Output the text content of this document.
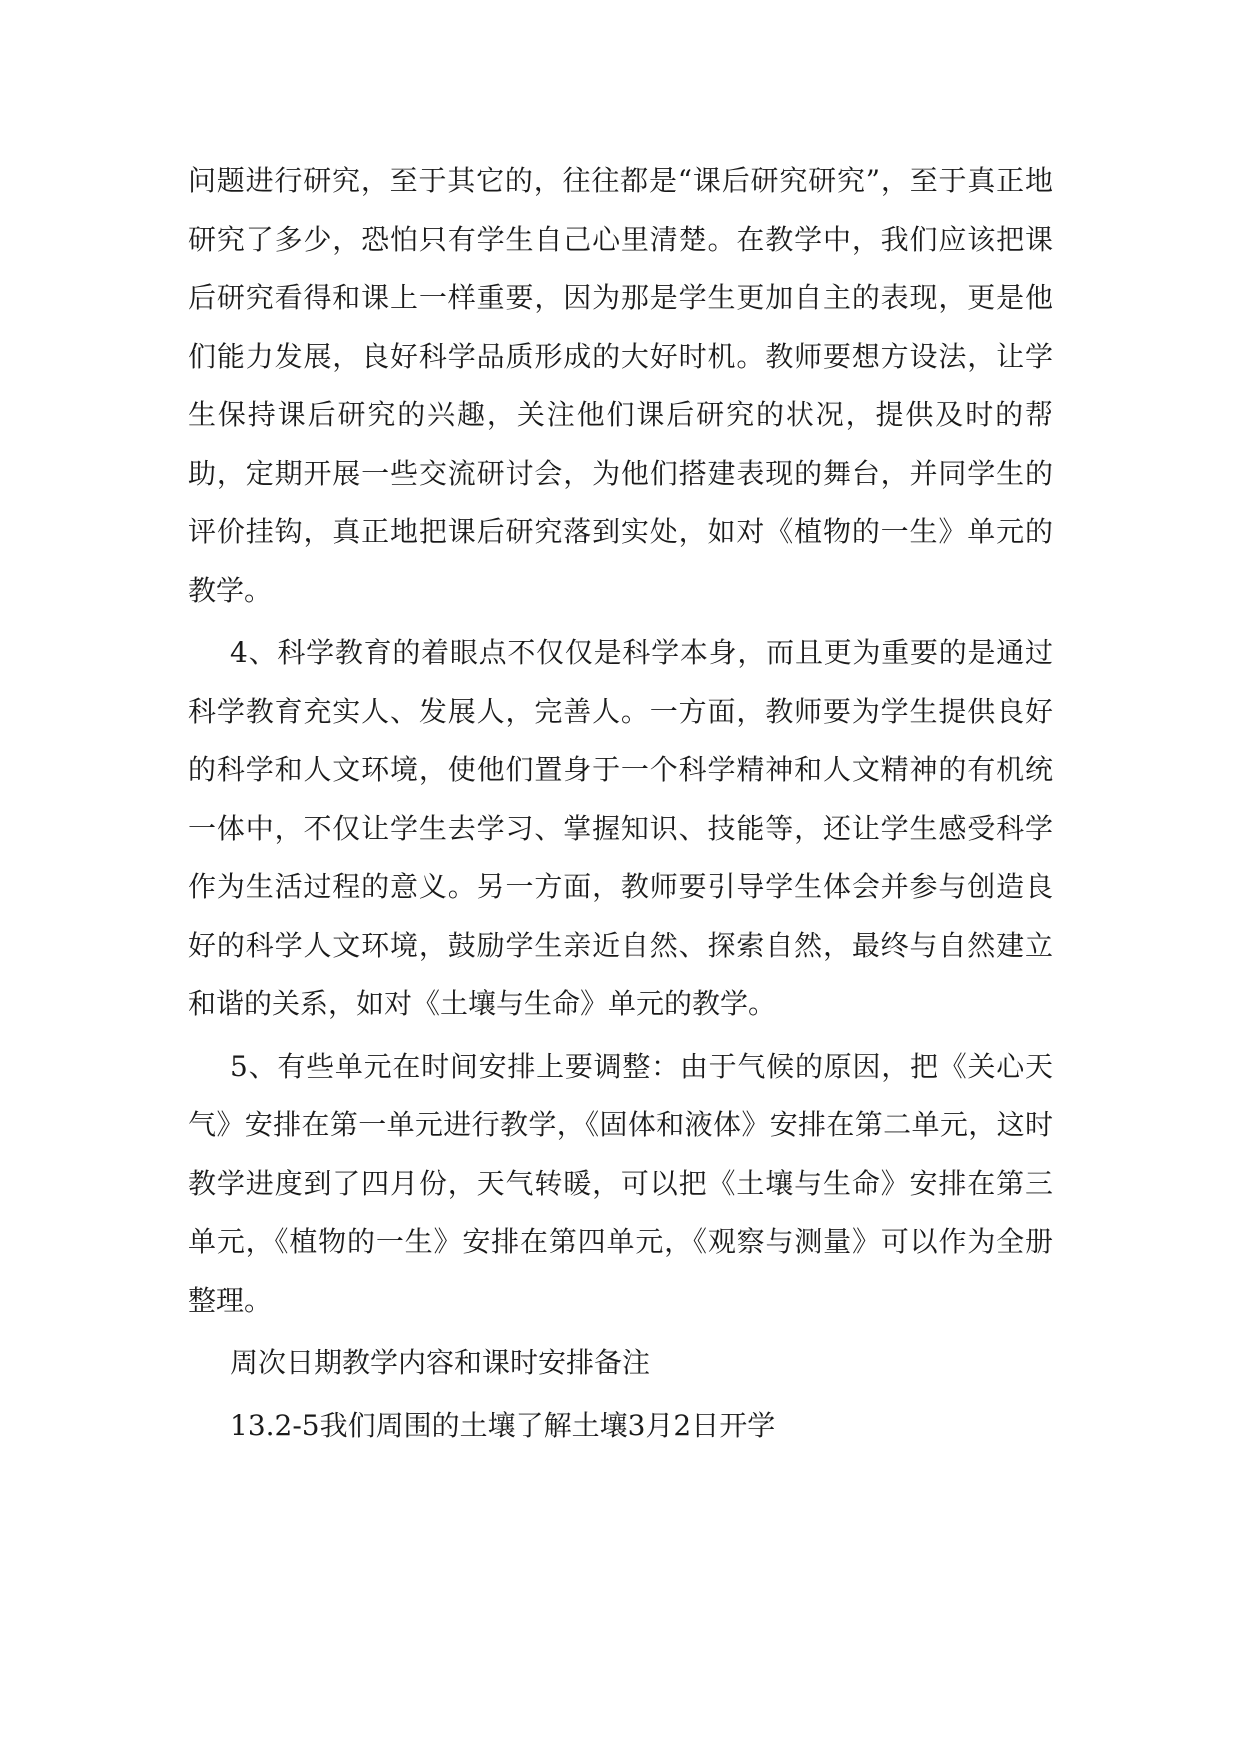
问题进行研究，至于其它的，往往都是“课后研究研究”，至于真正地研究了多少，恐怕只有学生自己心里清楚。在教学中，我们应该把课后研究看得和课上一样重要，因为那是学生更加自主的表现，更是他们能力发展，良好科学品质形成的大好时机。教师要想方设法，让学生保持课后研究的兴趣，关注他们课后研究的状况，提供及时的帮助，定期开展一些交流研讨会，为他们搭建表现的舞台，并同学生的评价挂钩，真正地把课后研究落到实处，如对《植物的一生》单元的教学。

4、科学教育的着眼点不仅仅是科学本身，而且更为重要的是通过科学教育充实人、发展人，完善人。一方面，教师要为学生提供良好的科学和人文环境，使他们置身于一个科学精神和人文精神的有机统一体中，不仅让学生去学习、掌握知识、技能等，还让学生感受科学作为生活过程的意义。另一方面，教师要引导学生体会并参与创造良好的科学人文环境，鼓励学生亲近自然、探索自然，最终与自然建立和谐的关系，如对《土壤与生命》单元的教学。

5、有些单元在时间安排上要调整：由于气候的原因，把《关心天气》安排在第一单元进行教学，《固体和液体》安排在第二单元，这时教学进度到了四月份，天气转暖，可以把《土壤与生命》安排在第三单元，《植物的一生》安排在第四单元，《观察与测量》可以作为全册整理。

周次日期教学内容和课时安排备注

13.2-5我们周围的土壤了解土壤3月2日开学
